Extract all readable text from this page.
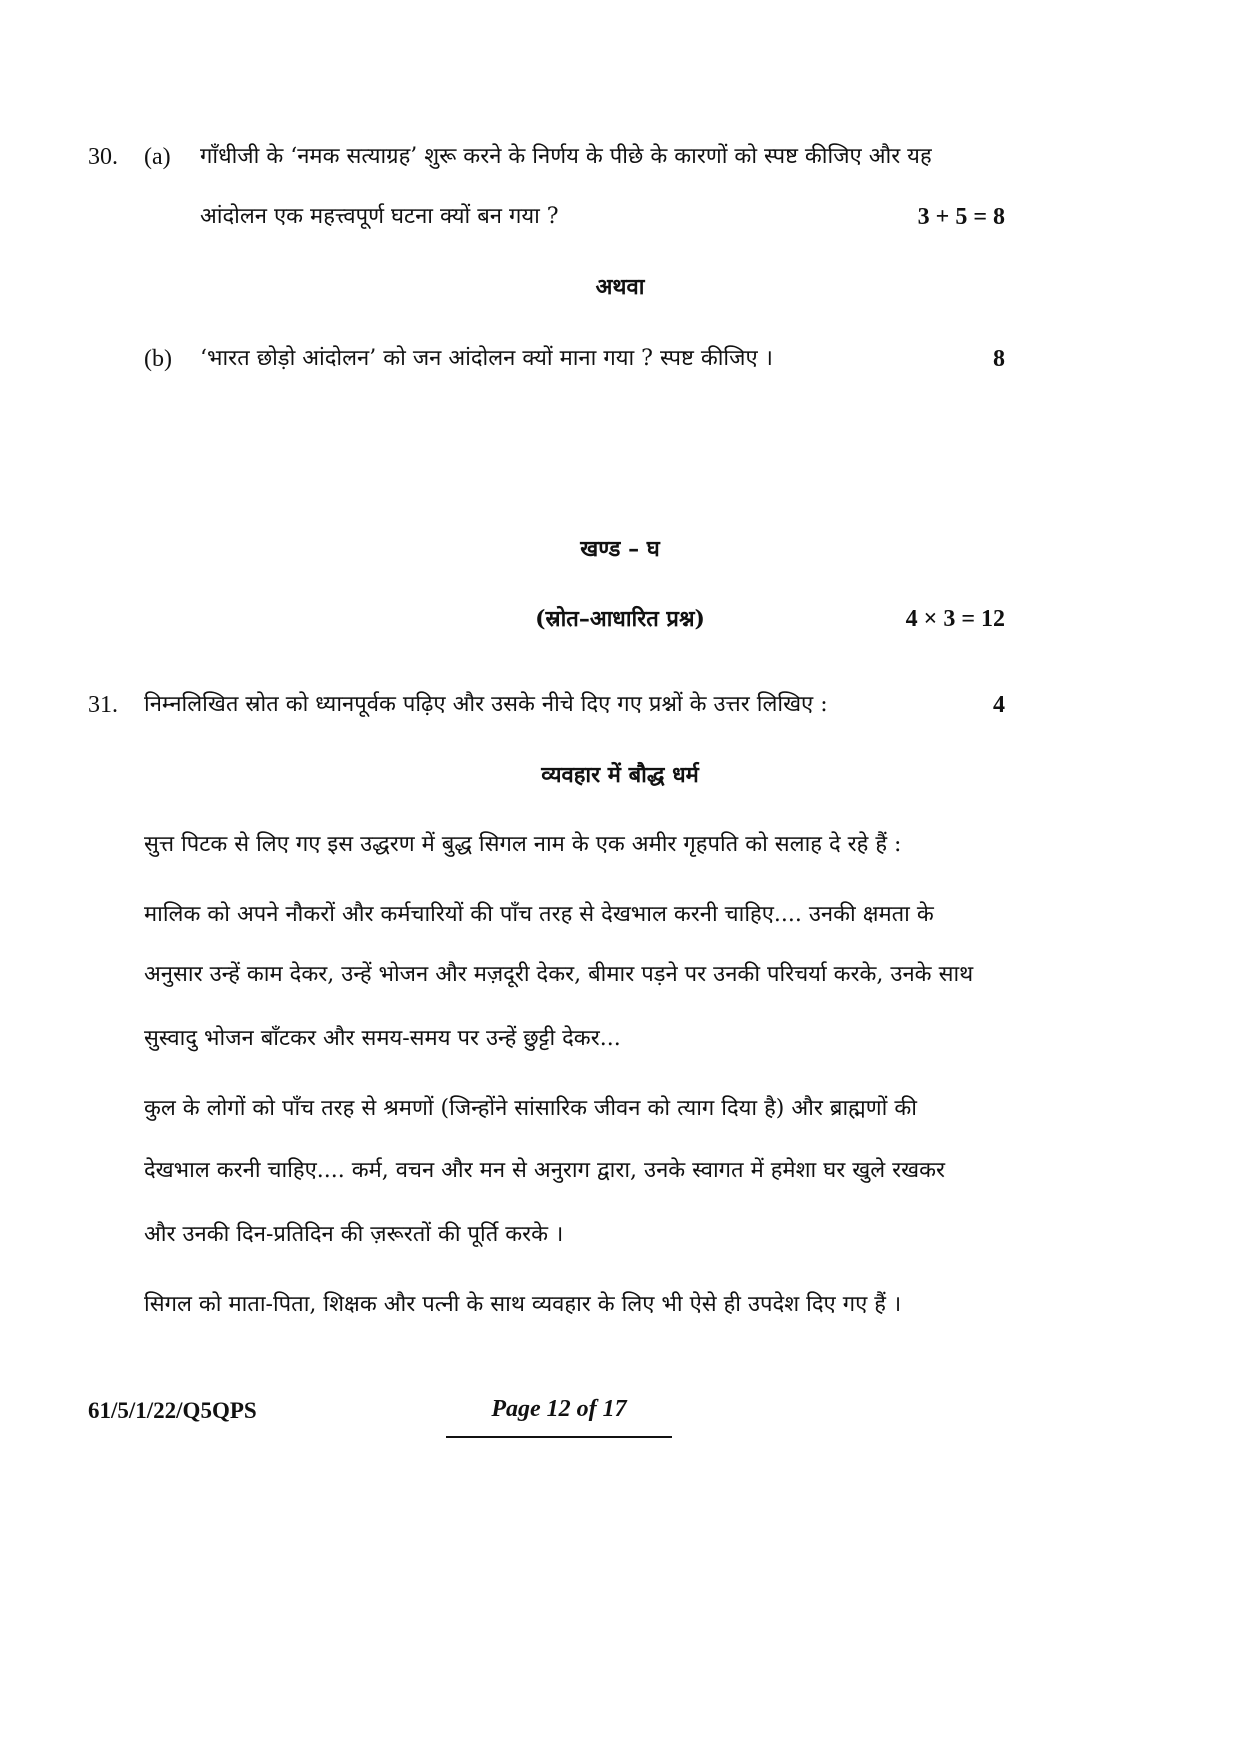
30. (a) गाँधीजी के ‘नमक सत्याग्रह’ शुरू करने के निर्णय के पीछे के कारणों को स्पष्ट कीजिए और यह
आंदोलन एक महत्त्वपूर्ण घटना क्यों बन गया ?	3 + 5 = 8
अथवा
(b) ‘भारत छोड़ो आंदोलन’ को जन आंदोलन क्यों माना गया ? स्पष्ट कीजिए ।	8
खण्ड – घ
(स्रोत–आधारित प्रश्न)	4 × 3 = 12
31. निम्नलिखित स्रोत को ध्यानपूर्वक पढ़िए और उसके नीचे दिए गए प्रश्नों के उत्तर लिखिए :	4
व्यवहार में बौद्ध धर्म
सुत्त पिटक से लिए गए इस उद्धरण में बुद्ध सिगल नाम के एक अमीर गृहपति को सलाह दे रहे हैं :
मालिक को अपने नौकरों और कर्मचारियों की पाँच तरह से देखभाल करनी चाहिए.... उनकी क्षमता के
अनुसार उन्हें काम देकर, उन्हें भोजन और मज़दूरी देकर, बीमार पड़ने पर उनकी परिचर्या करके, उनके साथ
सुस्वादु भोजन बाँटकर और समय-समय पर उन्हें छुट्टी देकर...
कुल के लोगों को पाँच तरह से श्रमणों (जिन्होंने सांसारिक जीवन को त्याग दिया है) और ब्राह्मणों की
देखभाल करनी चाहिए.... कर्म, वचन और मन से अनुराग द्वारा, उनके स्वागत में हमेशा घर खुले रखकर
और उनकी दिन-प्रतिदिन की ज़रूरतों की पूर्ति करके ।
सिगल को माता-पिता, शिक्षक और पत्नी के साथ व्यवहार के लिए भी ऐसे ही उपदेश दिए गए हैं ।
61/5/1/22/Q5QPS	Page 12 of 17
